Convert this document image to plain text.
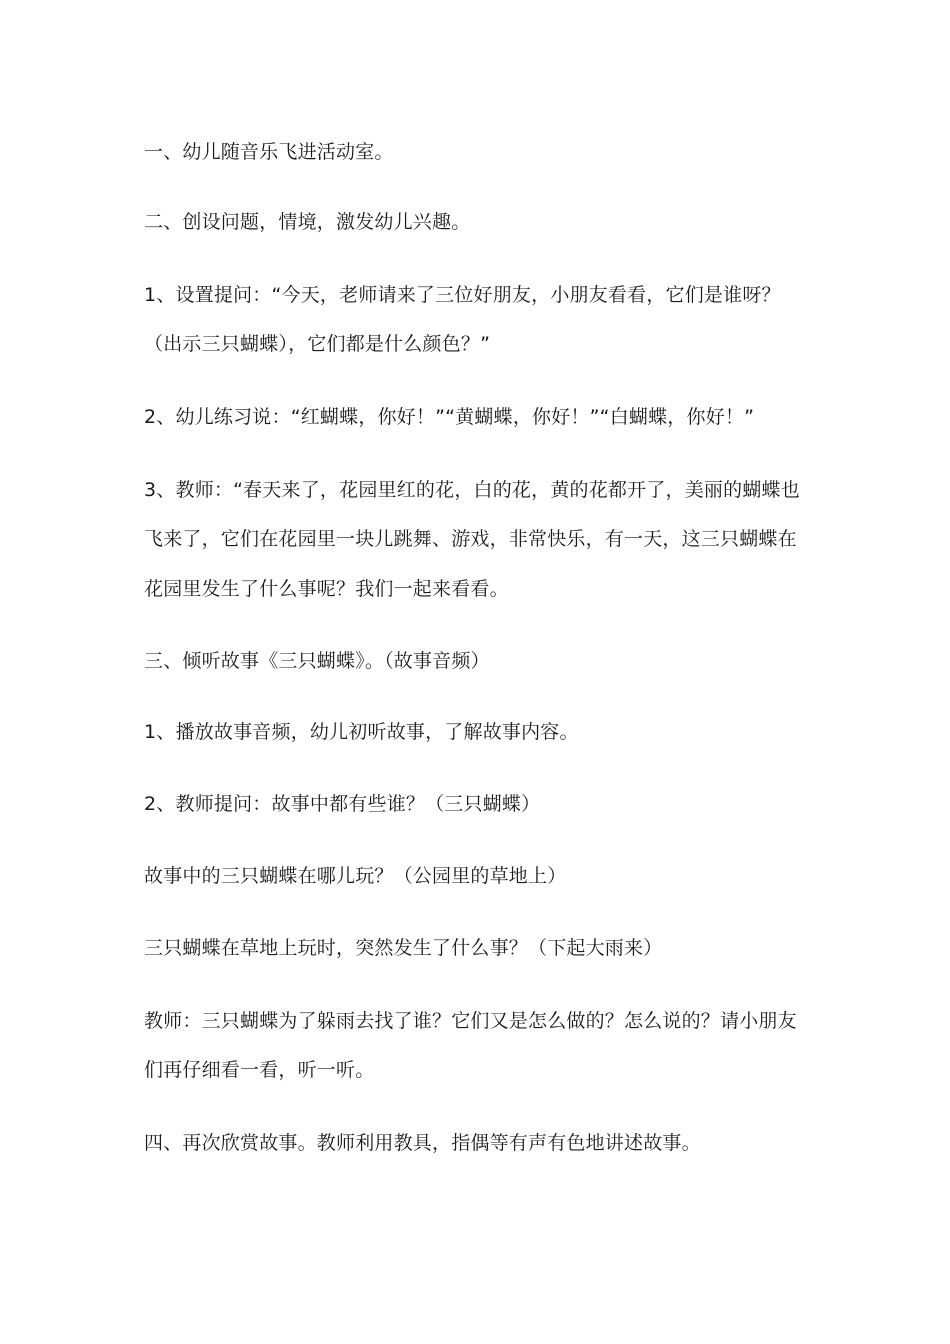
一、幼儿随音乐飞进活动室。
二、创设问题，情境，激发幼儿兴趣。
1、设置提问：“今天，老师请来了三位好朋友，小朋友看看，它们是谁呀？
（出示三只蝴蝶），它们都是什么颜色？”
2、幼儿练习说：“红蝴蝶，你好！”“黄蝴蝶，你好！”“白蝴蝶，你好！”
3、教师：“春天来了，花园里红的花，白的花，黄的花都开了，美丽的蝴蝶也
飞来了，它们在花园里一块儿跳舞、游戏，非常快乐，有一天，这三只蝴蝶在
花园里发生了什么事呢？我们一起来看看。
三、倾听故事《三只蝴蝶》。（故事音频）
1、播放故事音频，幼儿初听故事，了解故事内容。
2、教师提问：故事中都有些谁？（三只蝴蝶）
故事中的三只蝴蝶在哪儿玩？（公园里的草地上）
三只蝴蝶在草地上玩时，突然发生了什么事？（下起大雨来）
教师：三只蝴蝶为了躲雨去找了谁？它们又是怎么做的？怎么说的？请小朋友
们再仔细看一看，听一听。
四、再次欣赏故事。教师利用教具，指偶等有声有色地讲述故事。
